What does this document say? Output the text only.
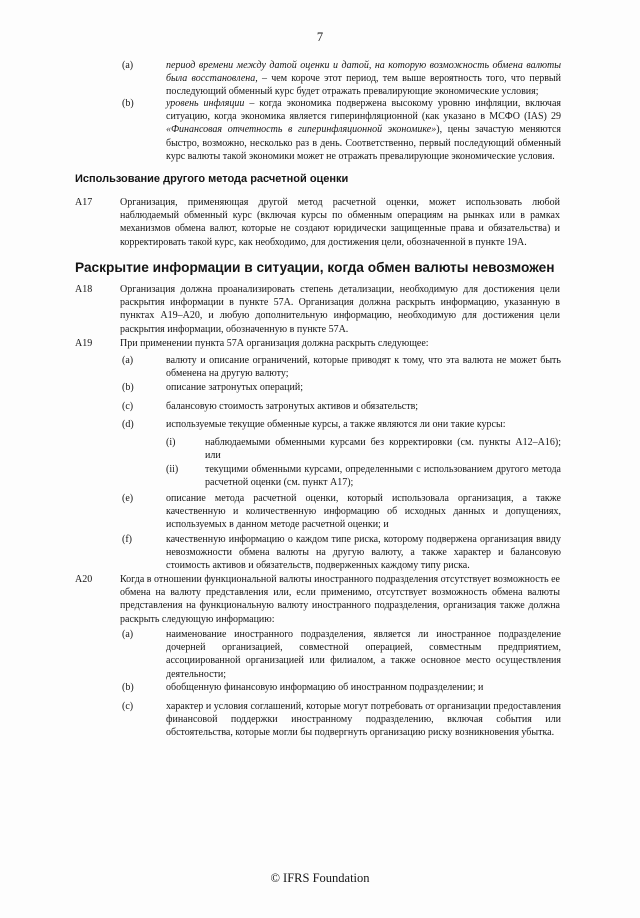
7
(a)	период времени между датой оценки и датой, на которую возможность обмена валюты была восстановлена, – чем короче этот период, тем выше вероятность того, что первый последующий обменный курс будет отражать превалирующие экономические условия;
(b)	уровень инфляции – когда экономика подвержена высокому уровню инфляции, включая ситуацию, когда экономика является гиперинфляционной (как указано в МСФО (IAS) 29 «Финансовая отчетность в гиперинфляционной экономике»), цены зачастую меняются быстро, возможно, несколько раз в день. Соответственно, первый последующий обменный курс валюты такой экономики может не отражать превалирующие экономические условия.
Использование другого метода расчетной оценки
A17	Организация, применяющая другой метод расчетной оценки, может использовать любой наблюдаемый обменный курс (включая курсы по обменным операциям на рынках или в рамках механизмов обмена валют, которые не создают юридически защищенные права и обязательства) и корректировать такой курс, как необходимо, для достижения цели, обозначенной в пункте 19А.
Раскрытие информации в ситуации, когда обмен валюты невозможен
A18	Организация должна проанализировать степень детализации, необходимую для достижения цели раскрытия информации в пункте 57А. Организация должна раскрыть информацию, указанную в пунктах А19–А20, и любую дополнительную информацию, необходимую для достижения цели раскрытия информации, обозначенную в пункте 57А.
A19	При применении пункта 57А организация должна раскрыть следующее:
(a)	валюту и описание ограничений, которые приводят к тому, что эта валюта не может быть обменена на другую валюту;
(b)	описание затронутых операций;
(c)	балансовую стоимость затронутых активов и обязательств;
(d)	используемые текущие обменные курсы, а также являются ли они такие курсы:
(i)	наблюдаемыми обменными курсами без корректировки (см. пункты А12–А16); или
(ii)	текущими обменными курсами, определенными с использованием другого метода расчетной оценки (см. пункт А17);
(e)	описание метода расчетной оценки, который использовала организация, а также качественную и количественную информацию об исходных данных и допущениях, используемых в данном методе расчетной оценки; и
(f)	качественную информацию о каждом типе риска, которому подвержена организация ввиду невозможности обмена валюты на другую валюту, а также характер и балансовую стоимость активов и обязательств, подверженных каждому типу риска.
A20	Когда в отношении функциональной валюты иностранного подразделения отсутствует возможность ее обмена на валюту представления или, если применимо, отсутствует возможность обмена валюты представления на функциональную валюту иностранного подразделения, организация также должна раскрыть следующую информацию:
(a)	наименование иностранного подразделения, является ли иностранное подразделение дочерней организацией, совместной операцией, совместным предприятием, ассоциированной организацией или филиалом, а также основное место осуществления деятельности;
(b)	обобщенную финансовую информацию об иностранном подразделении; и
(c)	характер и условия соглашений, которые могут потребовать от организации предоставления финансовой поддержки иностранному подразделению, включая события или обстоятельства, которые могли бы подвергнуть организацию риску возникновения убытка.
© IFRS Foundation
